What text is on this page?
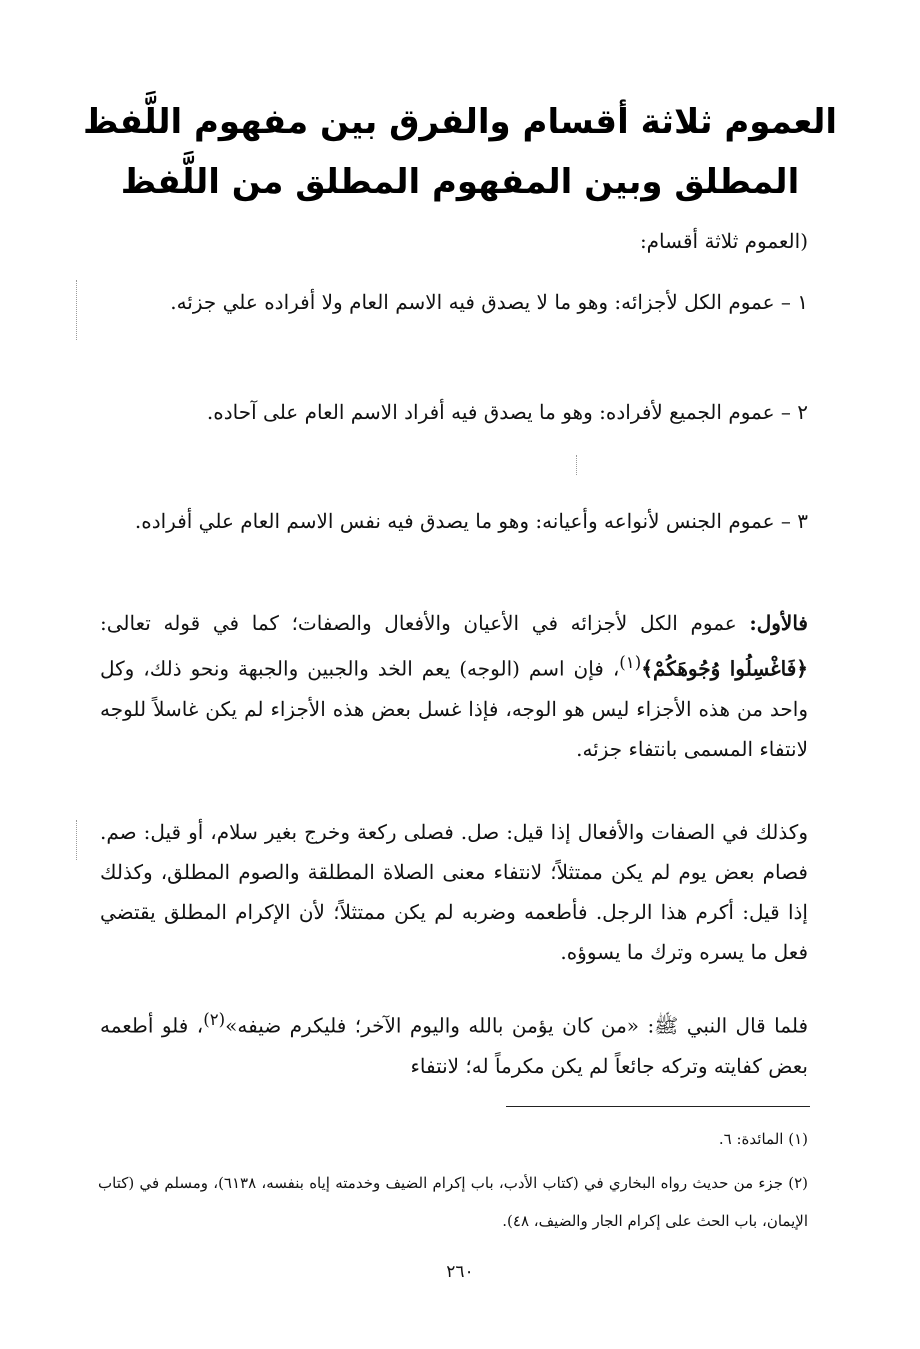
العموم ثلاثة أقسام والفرق بين مفهوم اللَّفظ
المطلق وبين المفهوم المطلق من اللَّفظ

(العموم ثلاثة أقسام:

١ – عموم الكل لأجزائه: وهو ما لا يصدق فيه الاسم العام ولا أفراده علي جزئه.

٢ – عموم الجميع لأفراده: وهو ما يصدق فيه أفراد الاسم العام على آحاده.

٣ – عموم الجنس لأنواعه وأعيانه: وهو ما يصدق فيه نفس الاسم العام علي أفراده.

فالأول: عموم الكل لأجزائه في الأعيان والأفعال والصفات؛ كما في قوله تعالى: ﴿فَاغْسِلُوا وُجُوهَكُمْ﴾$^{(١)}$، فإن اسم (الوجه) يعم الخد والجبين والجبهة ونحو ذلك، وكل واحد من هذه الأجزاء ليس هو الوجه، فإذا غسل بعض هذه الأجزاء لم يكن غاسلاً للوجه لانتفاء المسمى بانتفاء جزئه.

وكذلك في الصفات والأفعال إذا قيل: صل. فصلى ركعة وخرج بغير سلام، أو قيل: صم. فصام بعض يوم لم يكن ممتثلاً؛ لانتفاء معنى الصلاة المطلقة والصوم المطلق، وكذلك إذا قيل: أكرم هذا الرجل. فأطعمه وضربه لم يكن ممتثلاً؛ لأن الإكرام المطلق يقتضي فعل ما يسره وترك ما يسوؤه.

فلما قال النبي ﷺ: «من كان يؤمن بالله واليوم الآخر؛ فليكرم ضيفه»$^{(٢)}$، فلو أطعمه بعض كفايته وتركه جائعاً لم يكن مكرماً له؛ لانتفاء

(١) المائدة: ٦.

(٢) جزء من حديث رواه البخاري في (كتاب الأدب، باب إكرام الضيف وخدمته إياه بنفسه، ٦١٣٨)، ومسلم في (كتاب الإيمان، باب الحث على إكرام الجار والضيف، ٤٨).

٢٦٠
